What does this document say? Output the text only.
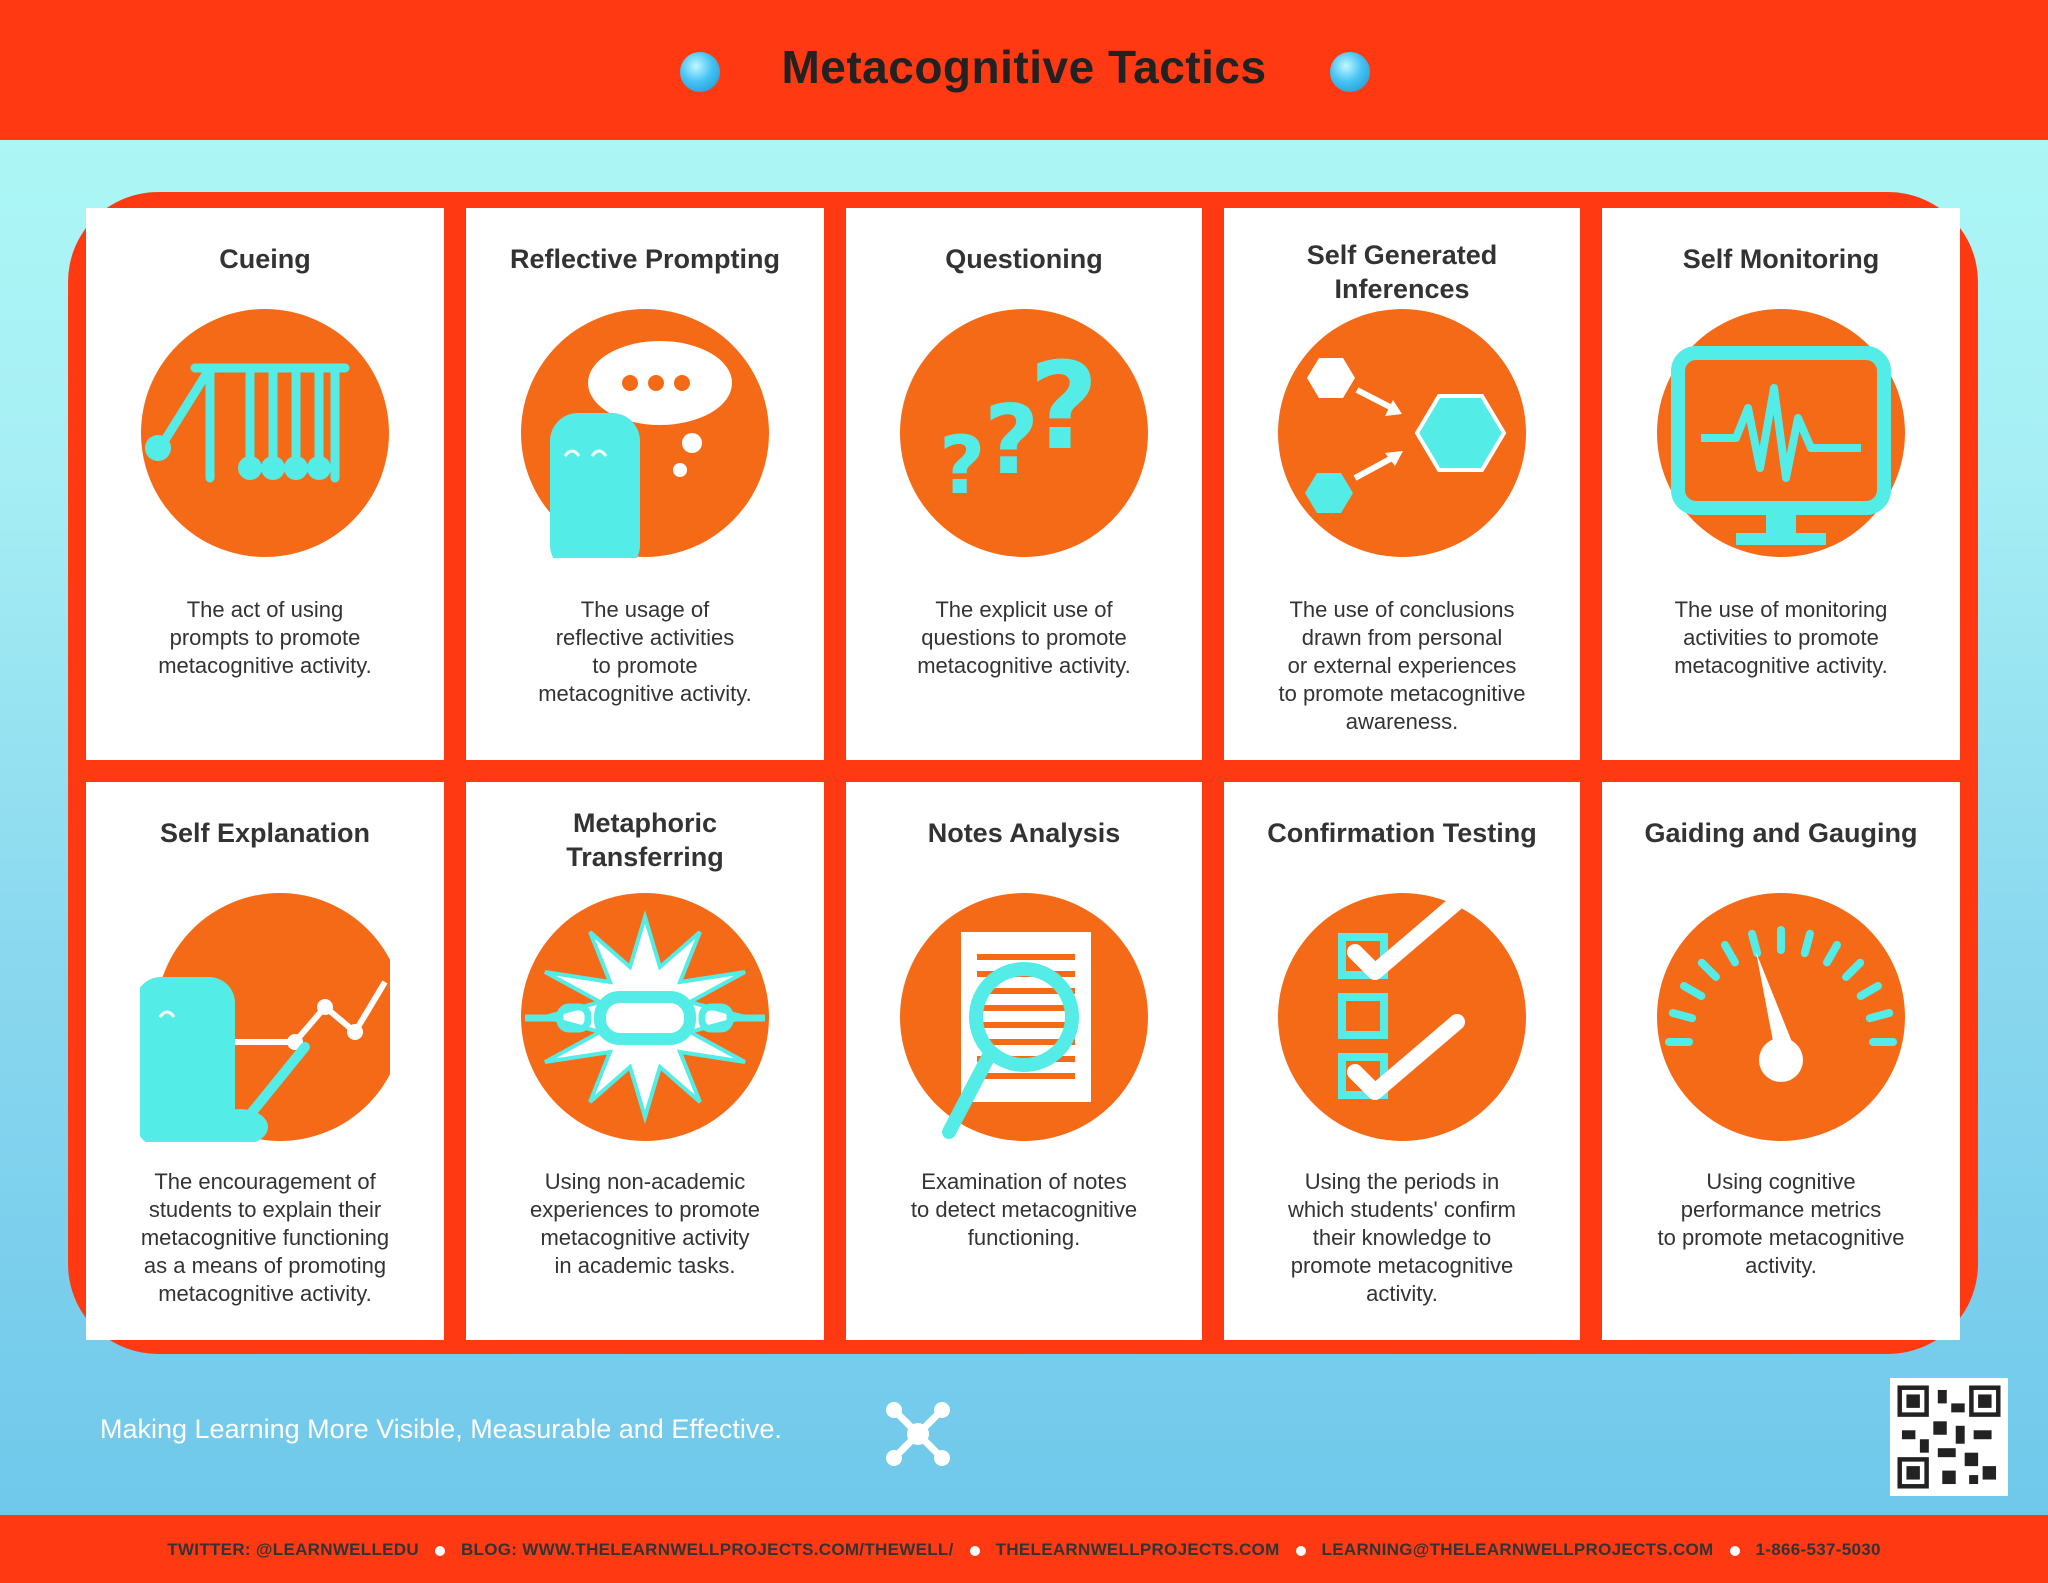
Metacognitive Tactics
Cueing
The act of using
prompts to promote
metacognitive activity.
Reflective Prompting
The usage of
reflective activities
to promote
metacognitive activity.
Questioning
?
?
?
The explicit use of
questions to promote
metacognitive activity.
Self Generated
Inferences
The use of conclusions
drawn from personal
or external experiences
to promote metacognitive
awareness.
Self Monitoring
The use of monitoring
activities to promote
metacognitive activity.
Self Explanation
The encouragement of
students to explain their
metacognitive functioning
as a means of promoting
metacognitive activity.
Metaphoric
Transferring
Using non-academic
experiences to promote
metacognitive activity
in academic tasks.
Notes Analysis
Examination of notes
to detect metacognitive
functioning.
Confirmation Testing
Using the periods in
which students' confirm
their knowledge to
promote metacognitive
activity.
Gaiding and Gauging
Using cognitive
performance metrics
to promote metacognitive
activity.
Making Learning More Visible, Measurable and Effective.
TWITTER: @LEARNWELLEDU BLOG: WWW.THELEARNWELLPROJECTS.COM/THEWELL/ THELEARNWELLPROJECTS.COM LEARNING@THELEARNWELLPROJECTS.COM 1-866-537-5030
